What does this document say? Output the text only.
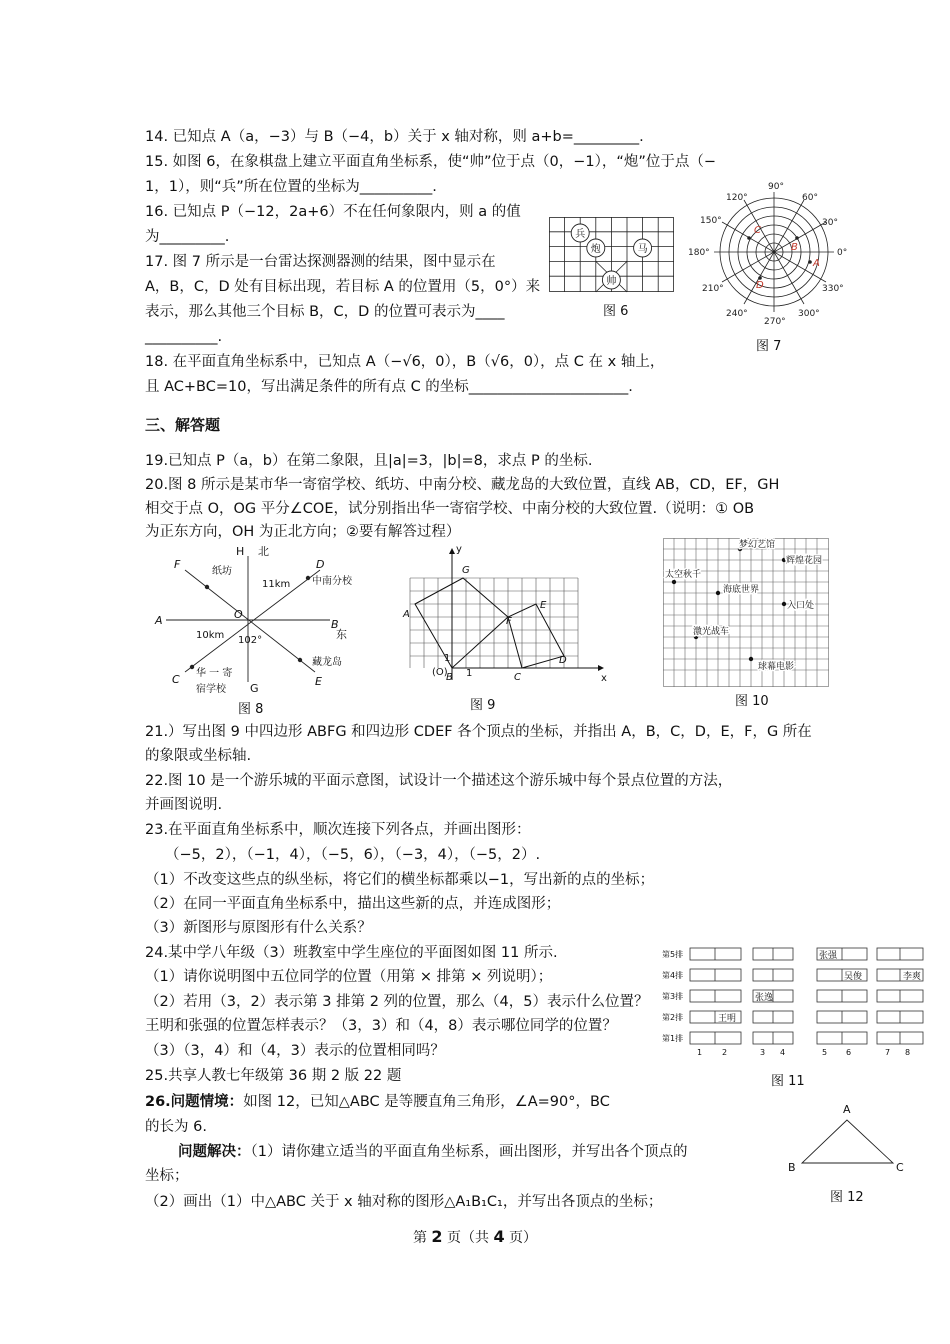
14. 已知点 A（a，−3）与 B（−4，b）关于 x 轴对称，则 a+b=_________.
15. 如图 6，在象棋盘上建立平面直角坐标系，使“帅”位于点（0，−1），“炮”位于点（−
1，1），则“兵”所在位置的坐标为__________.
16. 已知点 P（−12，2a+6）不在任何象限内，则 a 的值
为_________.
17. 图 7 所示是一台雷达探测器测的结果，图中显示在
A，B，C，D 处有目标出现，若目标 A 的位置用（5，0°）来
表示，那么其他三个目标 B，C，D 的位置可表示为____
__________.
18. 在平面直角坐标系中，已知点 A（−√6，0），B（√6，0），点 C 在 x 轴上，
且 AC+BC=10，写出满足条件的所有点 C 的坐标______________________.
三、解答题
19.已知点 P（a，b）在第二象限，且|a|=3，|b|=8，求点 P 的坐标.
20.图 8 所示是某市华一寄宿学校、纸坊、中南分校、藏龙岛的大致位置，直线 AB，CD，EF，GH
相交于点 O，OG 平分∠COE，试分别指出华一寄宿学校、中南分校的大致位置.（说明：① OB
为正东方向，OH 为正北方向；②要有解答过程）
21.）写出图 9 中四边形 ABFG 和四边形 CDEF 各个顶点的坐标，并指出 A，B，C，D，E，F，G 所在
的象限或坐标轴.
22.图 10 是一个游乐城的平面示意图，试设计一个描述这个游乐城中每个景点位置的方法，
并画图说明.
23.在平面直角坐标系中，顺次连接下列各点，并画出图形：
（−5，2），（−1，4），（−5，6），（−3，4），（−5，2）.
（1）不改变这些点的纵坐标，将它们的横坐标都乘以−1，写出新的点的坐标；
（2）在同一平面直角坐标系中，描出这些新的点，并连成图形；
（3）新图形与原图形有什么关系？
24.某中学八年级（3）班教室中学生座位的平面图如图 11 所示.
（1）请你说明图中五位同学的位置（用第 × 排第 × 列说明）；
（2）若用（3，2）表示第 3 排第 2 列的位置，那么（4，5）表示什么位置？
王明和张强的位置怎样表示？（3，3）和（4，8）表示哪位同学的位置？
（3）（3，4）和（4，3）表示的位置相同吗？
25.共享人教七年级第 36 期 2 版 22 题
26.问题情境：如图 12，已知△ABC 是等腰直角三角形，∠A=90°，BC
的长为 6.
问题解决：（1）请你建立适当的平面直角坐标系，画出图形，并写出各个顶点的
坐标；
（2）画出（1）中△ABC 关于 x 轴对称的图形△A₁B₁C₁，并写出各顶点的坐标；
兵
炮	马
帅
图 6
A
B
C
D
90°
60°
30°
0°
330°
300°
270°
240°
210°
180°
150°
120°
图 7
H 北
东
G
A	B
C
D
E
F
O
纸坊
中南分校
藏龙岛
华 一 寄
宿学校
11km
10km 102°
图 8
y
x
(O) 1
1
A
B	C
D
E
F
G
图 9
梦幻艺馆
辉煌花园
太空秋千
海底世界
入口处
激光战车
球幕电影
图 10
第5排
第4排
第3排
第2排
第1排
张强
吴俊	李爽
张逸
王明
1 2	3 4	5 6	7 8
图 11
A
B	C
图 12
第 2 页（共 4 页）
